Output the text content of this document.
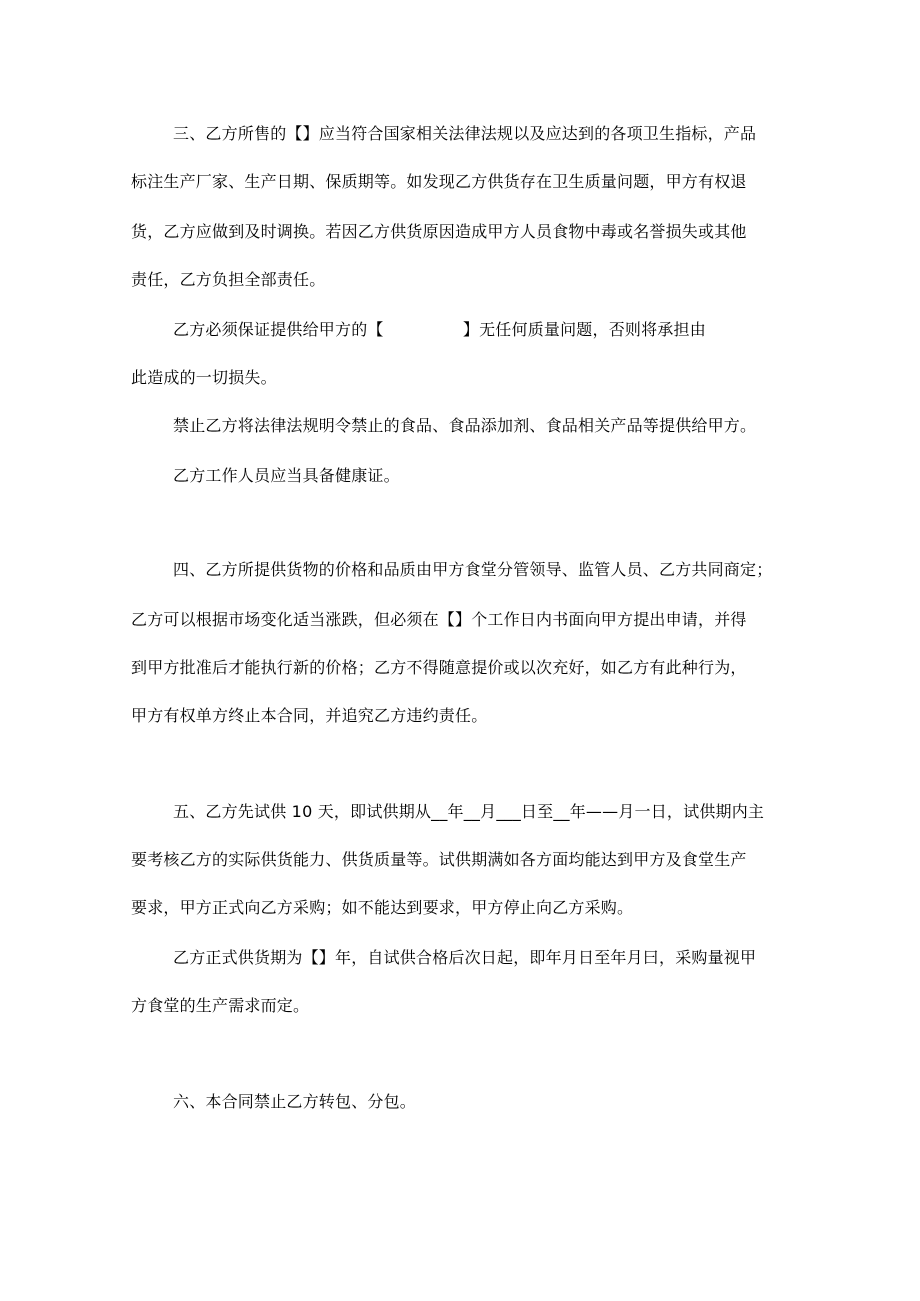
三、乙方所售的【】应当符合国家相关法律法规以及应达到的各项卫生指标，产品
标注生产厂家、生产日期、保质期等。如发现乙方供货存在卫生质量问题，甲方有权退
货，乙方应做到及时调换。若因乙方供货原因造成甲方人员食物中毒或名誉损失或其他
责任，乙方负担全部责任。
乙方必须保证提供给甲方的【               】无任何质量问题，否则将承担由
此造成的一切损失。
禁止乙方将法律法规明令禁止的食品、食品添加剂、食品相关产品等提供给甲方。
乙方工作人员应当具备健康证。
四、乙方所提供货物的价格和品质由甲方食堂分管领导、监管人员、乙方共同商定；
乙方可以根据市场变化适当涨跌，但必须在【】个工作日内书面向甲方提出申请，并得
到甲方批准后才能执行新的价格；乙方不得随意提价或以次充好，如乙方有此种行为，
甲方有权单方终止本合同，并追究乙方违约责任。
五、乙方先试供 10 天，即试供期从__年__月___日至__年——月一日，试供期内主
要考核乙方的实际供货能力、供货质量等。试供期满如各方面均能达到甲方及食堂生产
要求，甲方正式向乙方采购；如不能达到要求，甲方停止向乙方采购。
乙方正式供货期为【】年，自试供合格后次日起，即年月日至年月曰，采购量视甲
方食堂的生产需求而定。
六、本合同禁止乙方转包、分包。
